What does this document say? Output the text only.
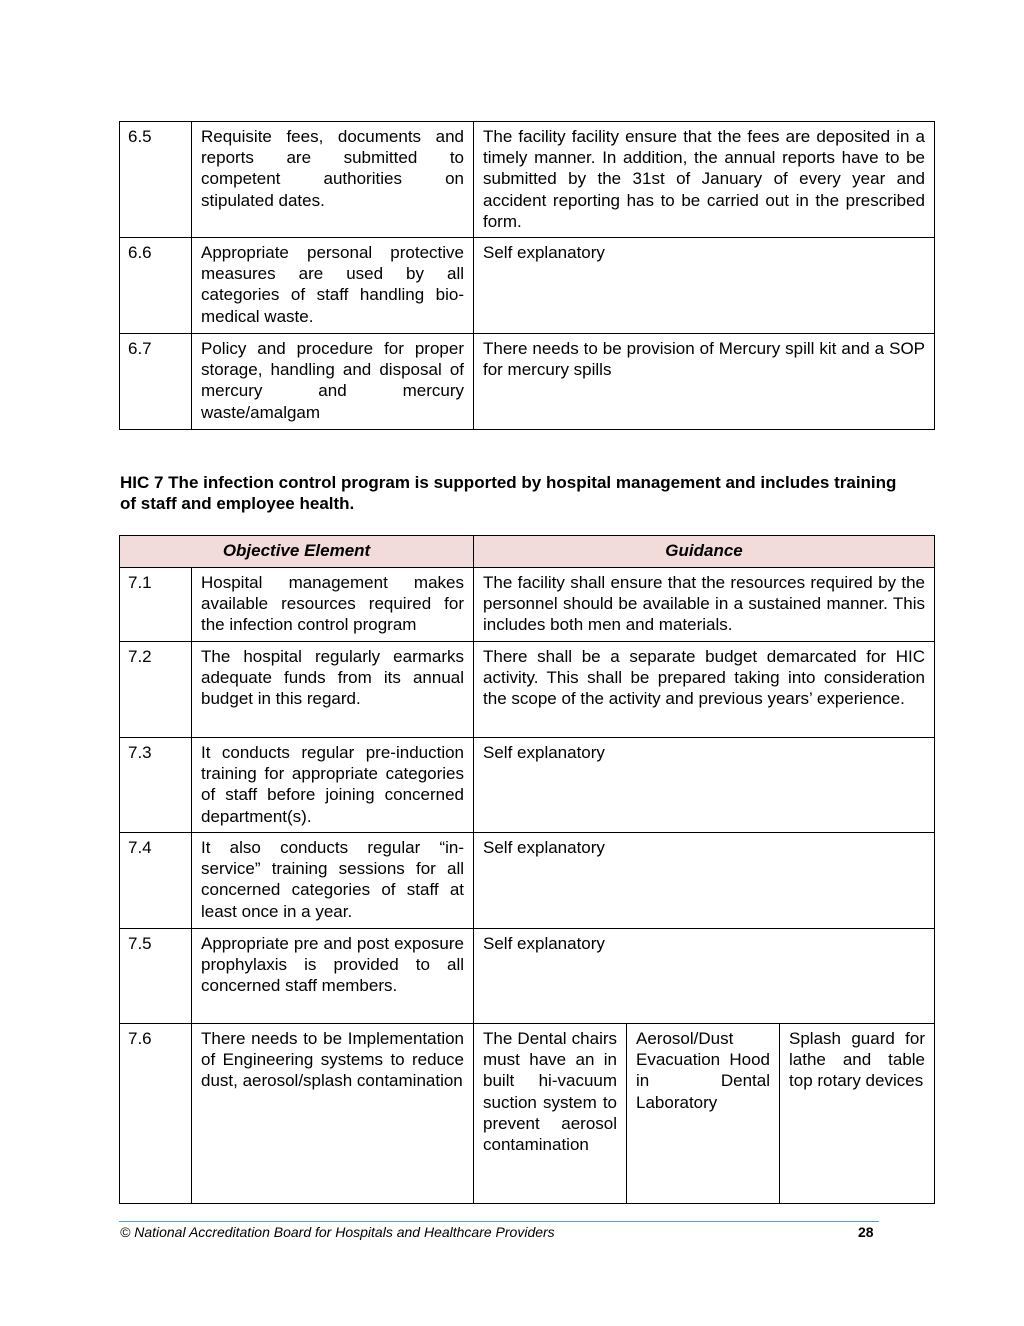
6.5	Requisite fees, documents and reports are submitted to competent authorities on stipulated dates.	The facility facility ensure that the fees are deposited in a timely manner. In addition, the annual reports have to be submitted by the 31st of January of every year and accident reporting has to be carried out in the prescribed form.
6.6	Appropriate personal protective measures are used by all categories of staff handling bio-medical waste.	Self explanatory
6.7	Policy and procedure for proper storage, handling and disposal of mercury and mercury waste/amalgam	There needs to be provision of Mercury spill kit and a SOP for mercury spills
HIC 7 The infection control program is supported by hospital management and includes training of staff and employee health.
Objective Element		Guidance		
7.1	Hospital management makes available resources required for the infection control program	The facility shall ensure that the resources required by the personnel should be available in a sustained manner. This includes both men and materials.		
7.2	The hospital regularly earmarks adequate funds from its annual budget in this regard.	There shall be a separate budget demarcated for HIC activity. This shall be prepared taking into consideration the scope of the activity and previous years’ experience.		
7.3	It conducts regular pre-induction training for appropriate categories of staff before joining concerned department(s).	Self explanatory		
7.4	It also conducts regular “in-service” training sessions for all concerned categories of staff at least once in a year.	Self explanatory		
7.5	Appropriate pre and post exposure prophylaxis is provided to all concerned staff members.	Self explanatory		
7.6	There needs to be Implementation of Engineering systems to reduce dust, aerosol/splash contamination	The Dental chairs must have an in built hi-vacuum suction system to prevent aerosol contamination	Aerosol/Dust Evacuation Hood in Dental Laboratory	Splash guard for lathe and table top rotary devices
© National Accreditation Board for Hospitals and Healthcare Providers	28
